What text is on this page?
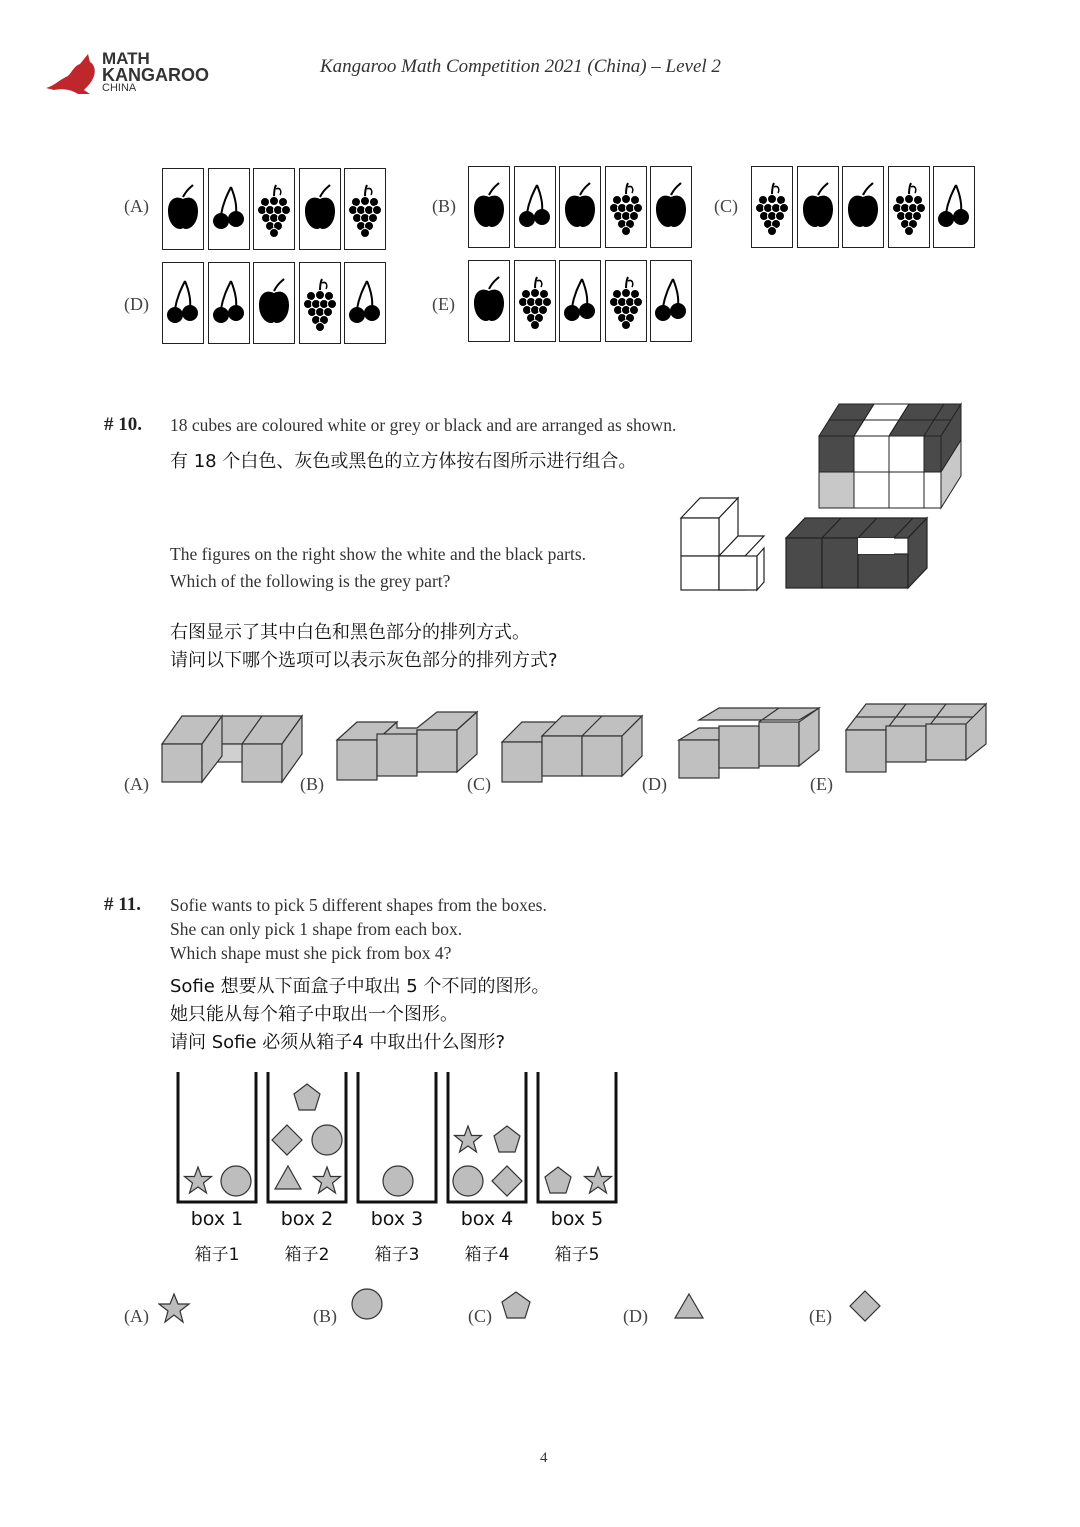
MATH
KANGAROO
CHINA
Kangaroo Math Competition 2021 (China) – Level 2
(A)	(B)	(C)
(D)	(E)
# 10. 18 cubes are coloured white or grey or black and are arranged as shown.
有 18 个白色、灰色或黑色的立方体按右图所示进行组合。
The figures on the right show the white and the black parts.
Which of the following is the grey part?
右图显示了其中白色和黑色部分的排列方式。
请问以下哪个选项可以表示灰色部分的排列方式?
(A)	(B)	(C)	(D)	(E)
# 11. Sofie wants to pick 5 different shapes from the boxes.
She can only pick 1 shape from each box.
Which shape must she pick from box 4?
Sofie 想要从下面盒子中取出 5 个不同的图形。
她只能从每个箱子中取出一个图形。
请问 Sofie 必须从箱子4 中取出什么图形?
box 1
箱子1
box 2
箱子2
box 3
箱子3
box 4
箱子4
box 5
箱子5
(A)	(B)	(C)	(D)	(E)
4
